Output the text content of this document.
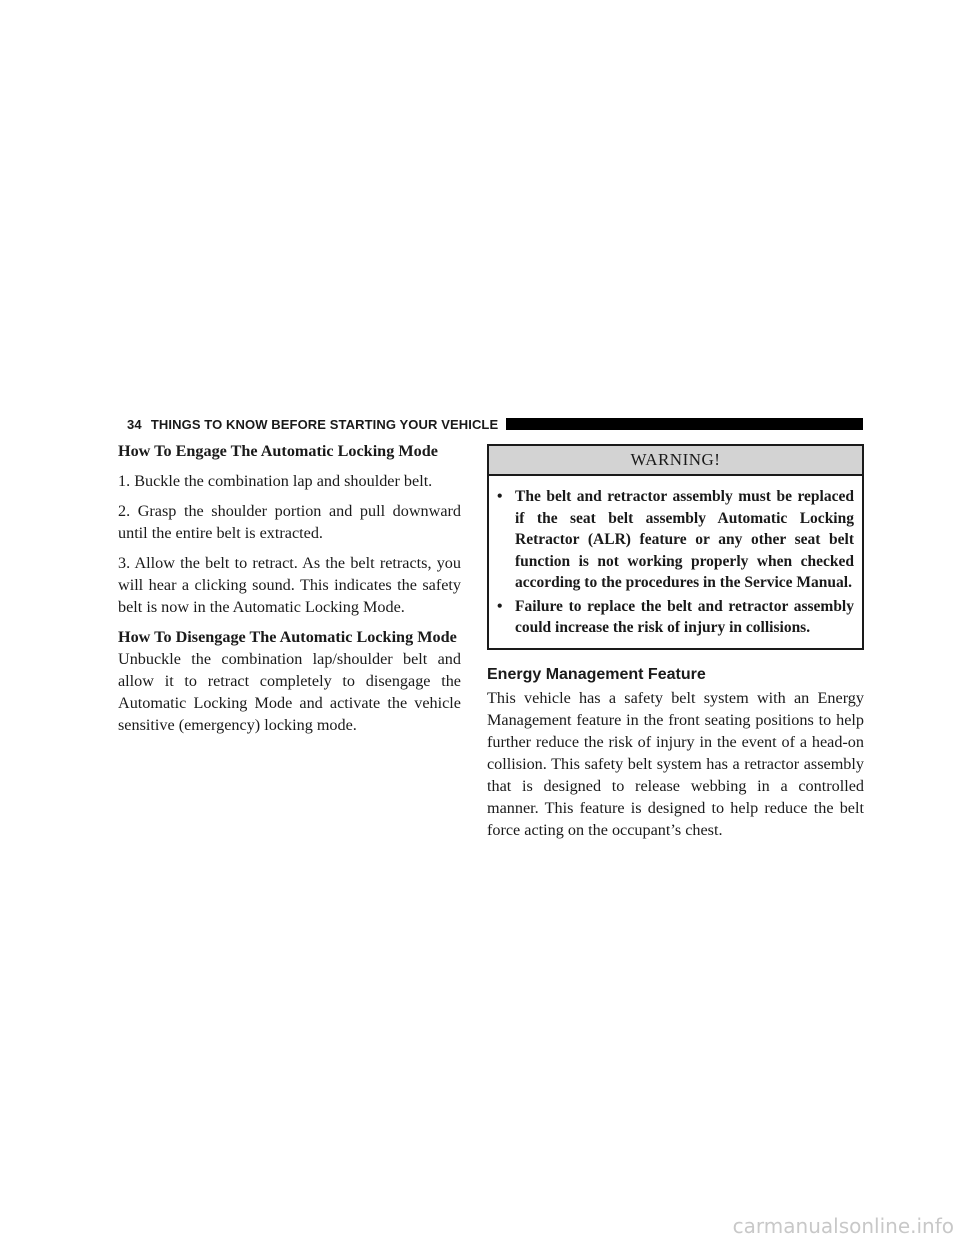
34 THINGS TO KNOW BEFORE STARTING YOUR VEHICLE

How To Engage The Automatic Locking Mode

1. Buckle the combination lap and shoulder belt.

2. Grasp the shoulder portion and pull downward until the entire belt is extracted.

3. Allow the belt to retract. As the belt retracts, you will hear a clicking sound. This indicates the safety belt is now in the Automatic Locking Mode.

How To Disengage The Automatic Locking Mode

Unbuckle the combination lap/shoulder belt and allow it to retract completely to disengage the Automatic Locking Mode and activate the vehicle sensitive (emergency) locking mode.

WARNING!
• The belt and retractor assembly must be replaced if the seat belt assembly Automatic Locking Retractor (ALR) feature or any other seat belt function is not working properly when checked according to the procedures in the Service Manual.
• Failure to replace the belt and retractor assembly could increase the risk of injury in collisions.

Energy Management Feature

This vehicle has a safety belt system with an Energy Management feature in the front seating positions to help further reduce the risk of injury in the event of a head-on collision. This safety belt system has a retractor assembly that is designed to release webbing in a controlled manner. This feature is designed to help reduce the belt force acting on the occupant’s chest.

carmanualsonline.info
